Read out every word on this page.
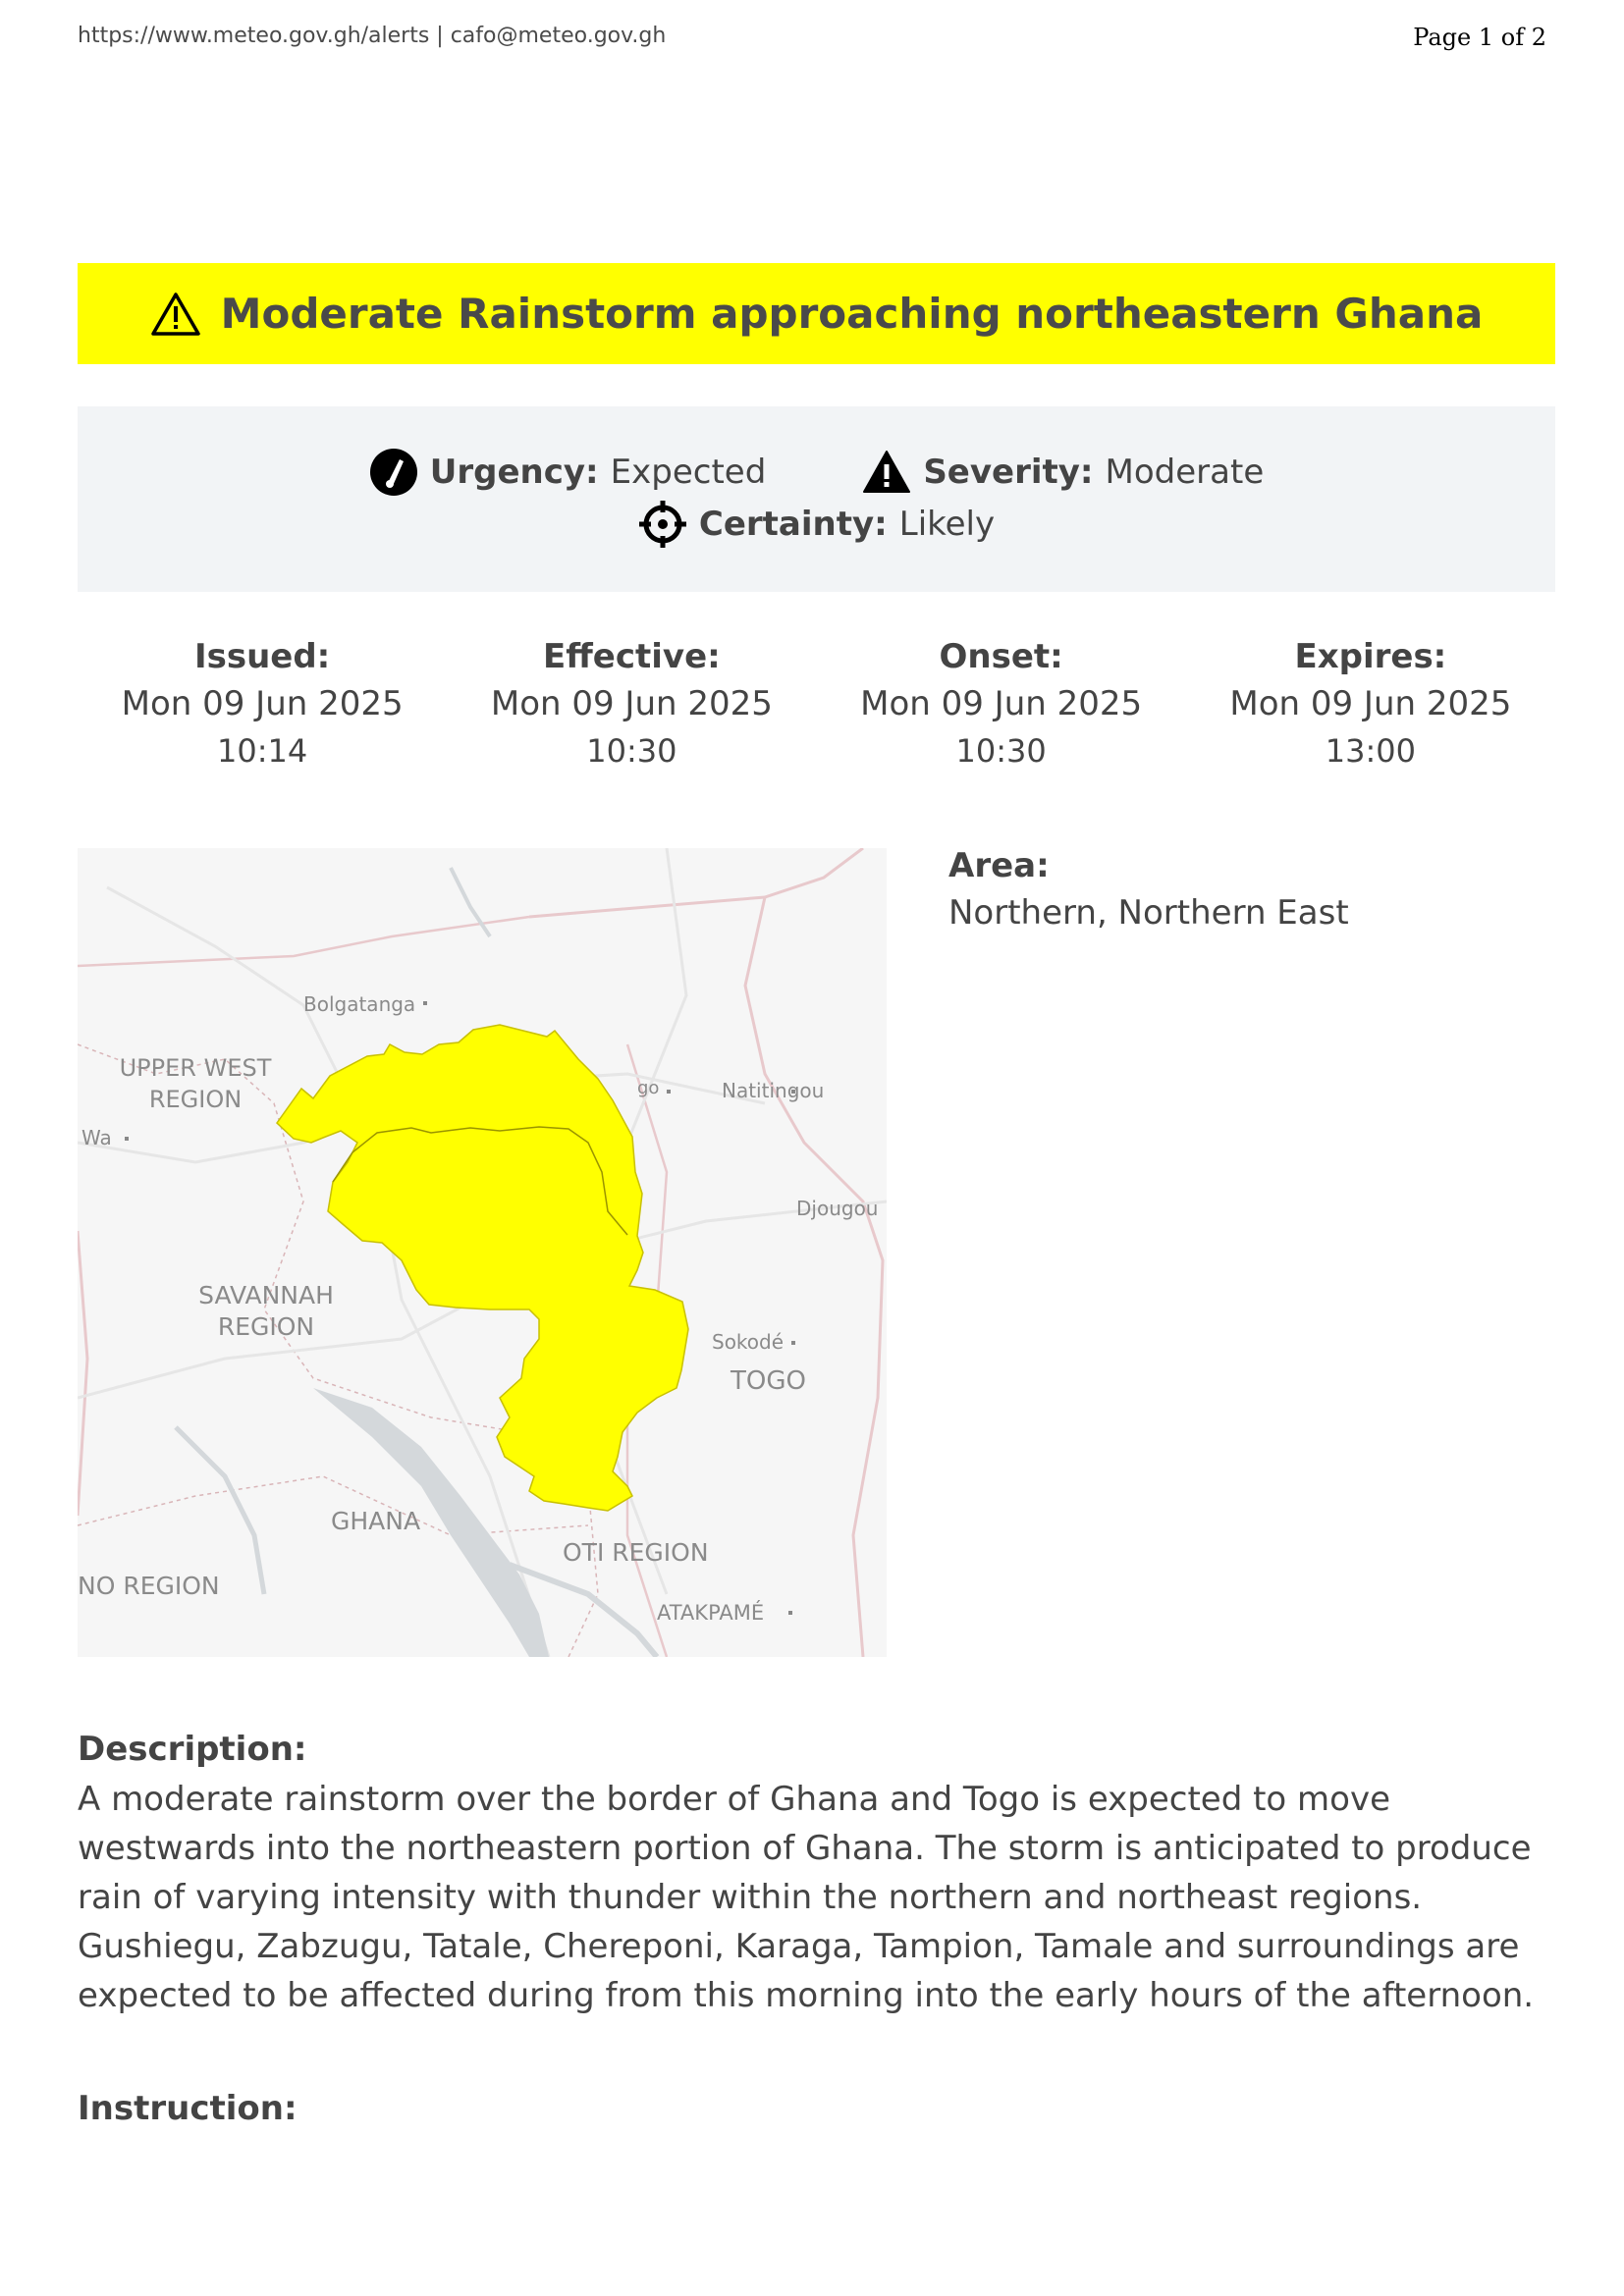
https://www.meteo.gov.gh/alerts | cafo@meteo.gov.gh	Page 1 of 2
Moderate Rainstorm approaching northeastern Ghana
Urgency: Expected	Severity: Moderate
Certainty: Likely
Issued:
Mon 09 Jun 2025
10:14
Effective:
Mon 09 Jun 2025
10:30
Onset:
Mon 09 Jun 2025
10:30
Expires:
Mon 09 Jun 2025
13:00
Bolgatanga
UPPER WEST
REGION
Wa
go	Natitingou
Djougou
SAVANNAH
REGION
Sokodé
TOGO
GHANA
OTI REGION
NO REGION
ATAKPAMÉ
Area:
Northern, Northern East
Description:
A moderate rainstorm over the border of Ghana and Togo is expected to move
westwards into the northeastern portion of Ghana. The storm is anticipated to produce
rain of varying intensity with thunder within the northern and northeast regions.
Gushiegu, Zabzugu, Tatale, Chereponi, Karaga, Tampion, Tamale and surroundings are
expected to be affected during from this morning into the early hours of the afternoon.
Instruction:
